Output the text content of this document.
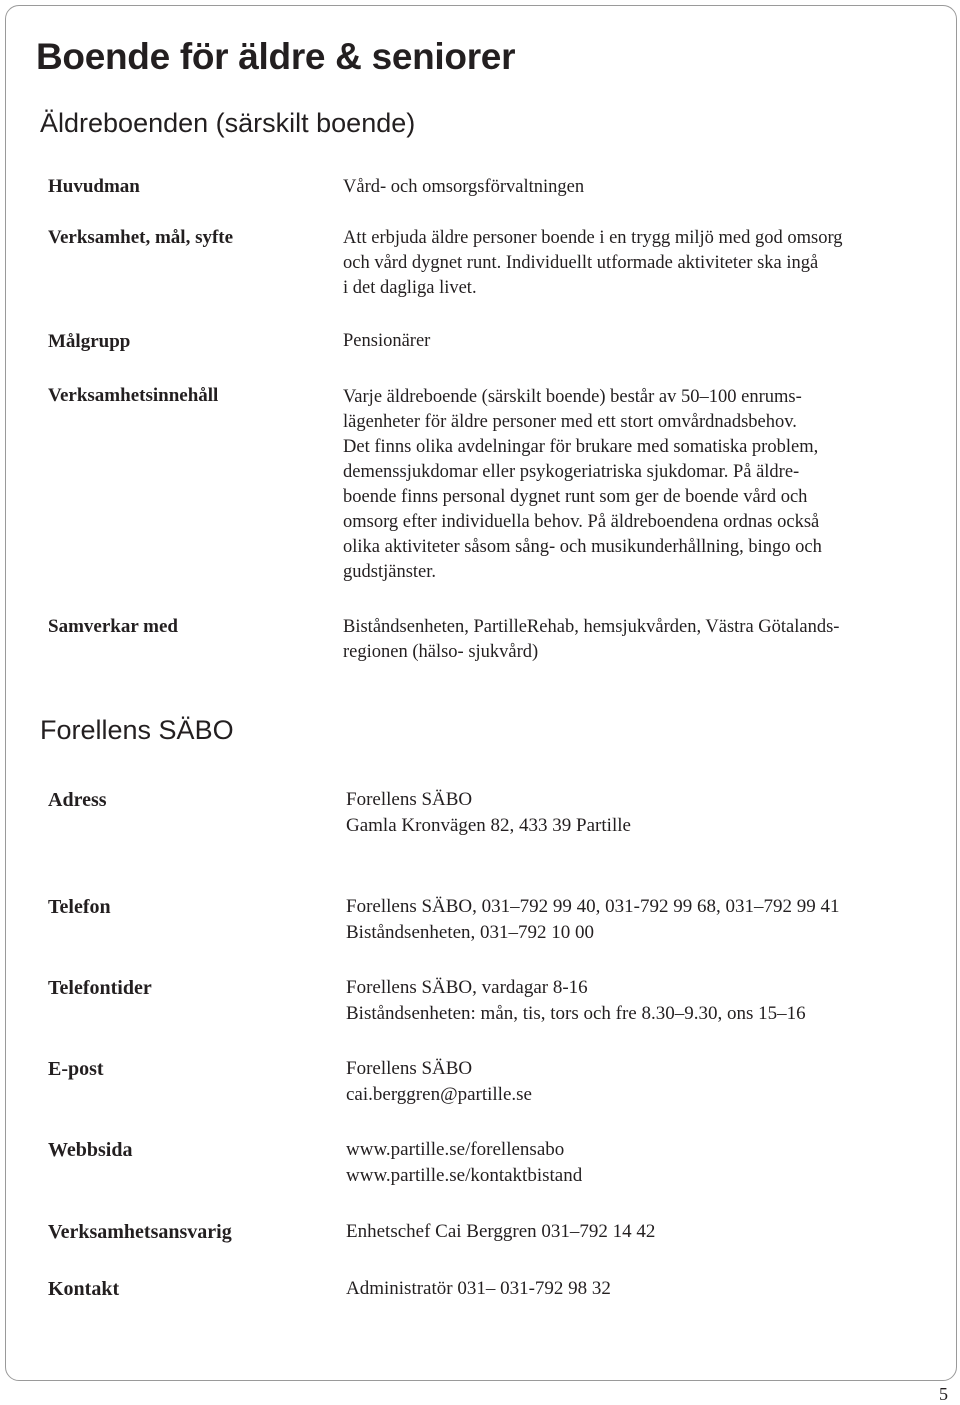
Boende för äldre & seniorer
Äldreboenden (särskilt boende)
Huvudman	Vård- och omsorgsförvaltningen
Verksamhet, mål, syfte	Att erbjuda äldre personer boende i en trygg miljö med god omsorg
och vård dygnet runt. Individuellt utformade aktiviteter ska ingå
i det dagliga livet.
Målgrupp	Pensionärer
Verksamhetsinnehåll	Varje äldreboende (särskilt boende) består av 50–100 enrums-
lägenheter för äldre personer med ett stort omvårdnadsbehov.
Det finns olika avdelningar för brukare med somatiska problem,
demenssjukdomar eller psykogeriatriska sjukdomar. På äldre-
boende finns personal dygnet runt som ger de boende vård och
omsorg efter individuella behov. På äldreboendena ordnas också
olika aktiviteter såsom sång- och musikunderhållning, bingo och
gudstjänster.
Samverkar med	Biståndsenheten, PartilleRehab, hemsjukvården, Västra Götalands-
regionen (hälso- sjukvård)
Forellens SÄBO
Adress	Forellens SÄBO
Gamla Kronvägen 82, 433 39 Partille
Telefon	Forellens SÄBO, 031–792 99 40, 031-792 99 68, 031–792 99 41
Biståndsenheten, 031–792 10 00
Telefontider	Forellens SÄBO, vardagar 8-16
Biståndsenheten: mån, tis, tors och fre 8.30–9.30, ons 15–16
E-post	Forellens SÄBO
cai.berggren@partille.se
Webbsida	www.partille.se/forellensabo
www.partille.se/kontaktbistand
Verksamhetsansvarig	Enhetschef Cai Berggren 031–792 14 42
Kontakt	Administratör 031– 031-792 98 32
5
